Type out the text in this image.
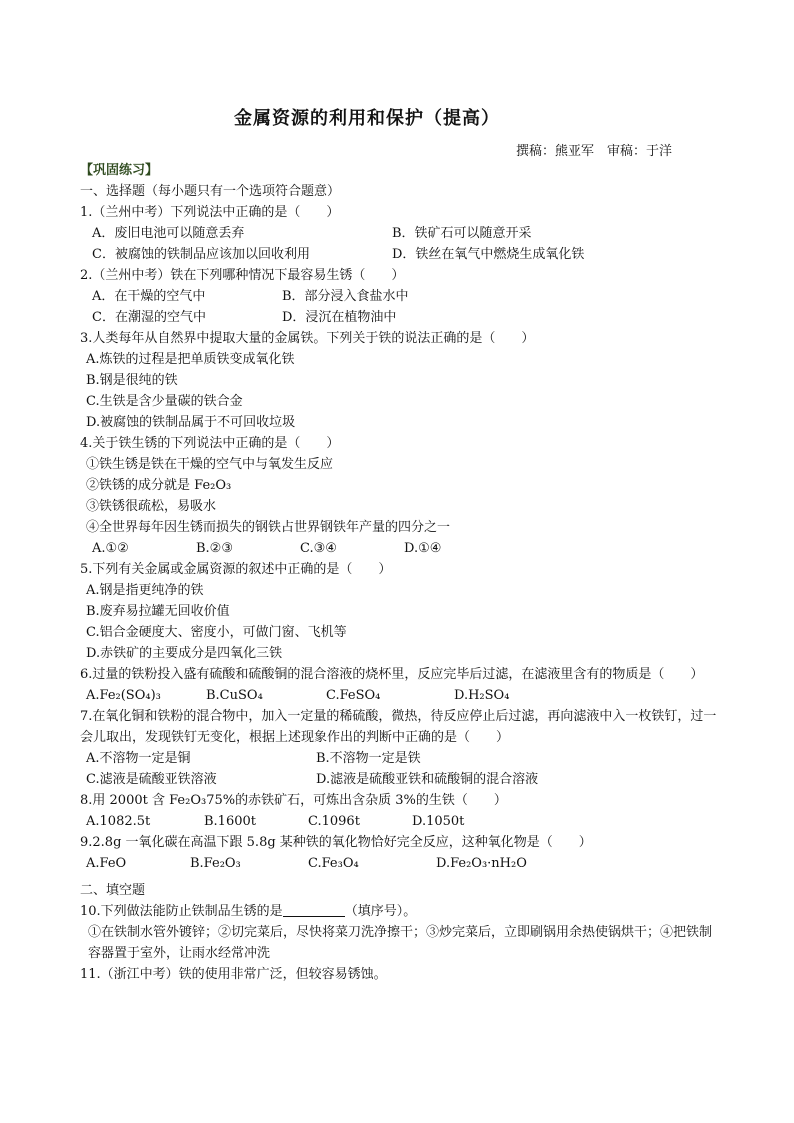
金属资源的利用和保护（提高）
撰稿：熊亚军　审稿：于洋
【巩固练习】
一、选择题（每小题只有一个选项符合题意）
1.（兰州中考）下列说法中正确的是（　　）
A．废旧电池可以随意丢弃	B．铁矿石可以随意开采
C．被腐蚀的铁制品应该加以回收利用	D．铁丝在氧气中燃烧生成氧化铁
2.（兰州中考）铁在下列哪种情况下最容易生锈（　　）
A．在干燥的空气中	B．部分浸入食盐水中
C．在潮湿的空气中	D．浸沉在植物油中
3.人类每年从自然界中提取大量的金属铁。下列关于铁的说法正确的是（　　）
A.炼铁的过程是把单质铁变成氧化铁
B.钢是很纯的铁
C.生铁是含少量碳的铁合金
D.被腐蚀的铁制品属于不可回收垃圾
4.关于铁生锈的下列说法中正确的是（　　）
①铁生锈是铁在干燥的空气中与氧发生反应
②铁锈的成分就是 Fe₂O₃
③铁锈很疏松，易吸水
④全世界每年因生锈而损失的钢铁占世界钢铁年产量的四分之一
A.①②	B.②③	C.③④	D.①④
5.下列有关金属或金属资源的叙述中正确的是（　　）
A.钢是指更纯净的铁
B.废弃易拉罐无回收价值
C.铝合金硬度大、密度小，可做门窗、飞机等
D.赤铁矿的主要成分是四氧化三铁
6.过量的铁粉投入盛有硫酸和硫酸铜的混合溶液的烧杯里，反应完毕后过滤，在滤液里含有的物质是（　　）
A.Fe₂(SO₄)₃	B.CuSO₄	C.FeSO₄	D.H₂SO₄
7.在氧化铜和铁粉的混合物中，加入一定量的稀硫酸，微热，待反应停止后过滤，再向滤液中入一枚铁钉，过一会儿取出，发现铁钉无变化，根据上述现象作出的判断中正确的是（　　）
A.不溶物一定是铜	B.不溶物一定是铁
C.滤液是硫酸亚铁溶液	D.滤液是硫酸亚铁和硫酸铜的混合溶液
8.用 2000t 含 Fe₂O₃75%的赤铁矿石，可炼出含杂质 3%的生铁（　　）
A.1082.5t	B.1600t	C.1096t	D.1050t
9.2.8g 一氧化碳在高温下跟 5.8g 某种铁的氧化物恰好完全反应，这种氧化物是（　　）
A.FeO	B.Fe₂O₃	C.Fe₃O₄	D.Fe₂O₃·nH₂O
二、填空题
10.下列做法能防止铁制品生锈的是	（填序号）。
①在铁制水管外镀锌；②切完菜后，尽快将菜刀洗净擦干；③炒完菜后，立即刷锅用余热使锅烘干；④把铁制容器置于室外，让雨水经常冲洗
11.（浙江中考）铁的使用非常广泛，但较容易锈蚀。
